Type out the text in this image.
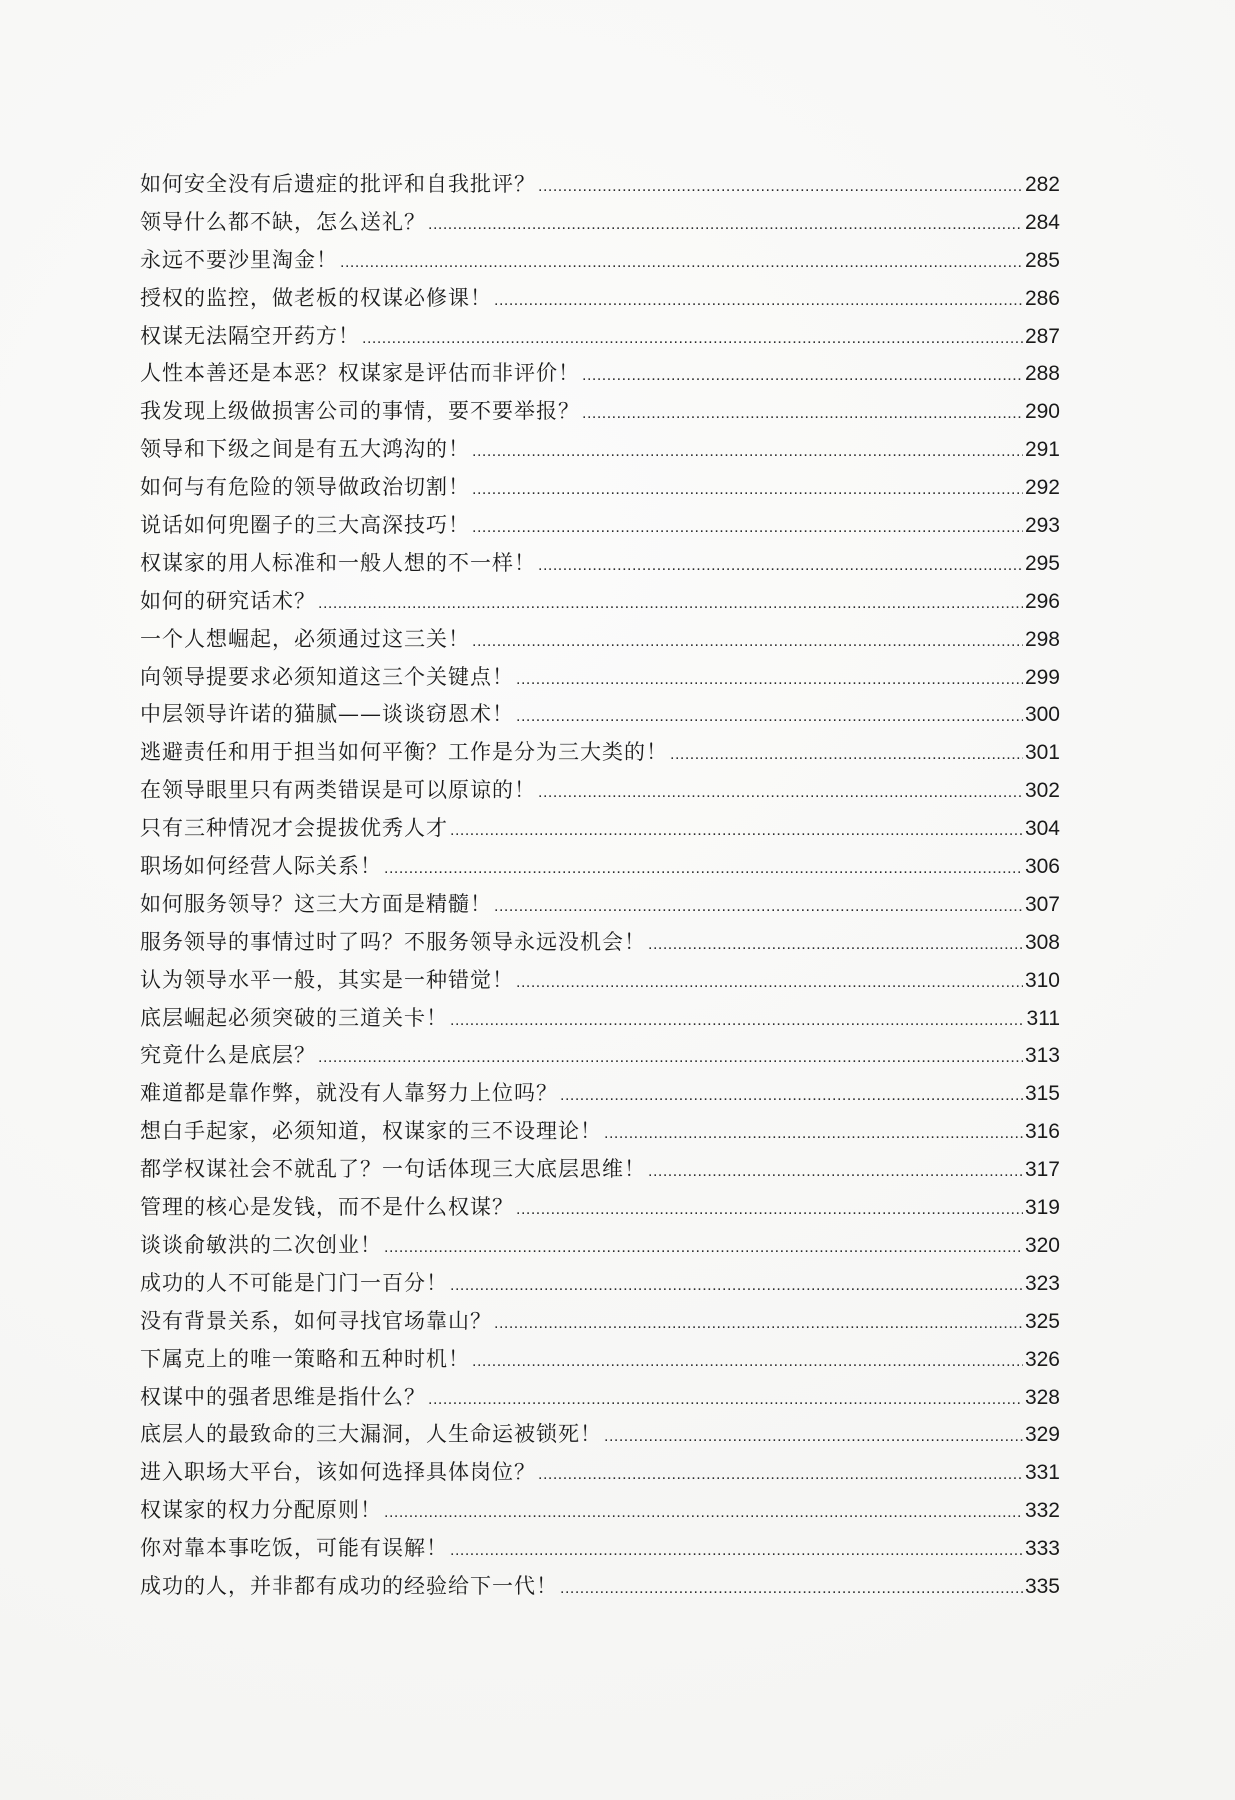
如何安全没有后遗症的批评和自我批评？ .....	282
领导什么都不缺，怎么送礼？ .....	284
永远不要沙里淘金！ .....	285
授权的监控，做老板的权谋必修课！ .....	286
权谋无法隔空开药方！ .....	287
人性本善还是本恶？权谋家是评估而非评价！ .....	288
我发现上级做损害公司的事情，要不要举报？ .....	290
领导和下级之间是有五大鸿沟的！ .....	291
如何与有危险的领导做政治切割！ .....	292
说话如何兜圈子的三大高深技巧！ .....	293
权谋家的用人标准和一般人想的不一样！ .....	295
如何的研究话术？ .....	296
一个人想崛起，必须通过这三关！ .....	298
向领导提要求必须知道这三个关键点！ .....	299
中层领导许诺的猫腻——谈谈窃恩术！ .....	300
逃避责任和用于担当如何平衡？工作是分为三大类的！ .....	301
在领导眼里只有两类错误是可以原谅的！ .....	302
只有三种情况才会提拔优秀人才 .....	304
职场如何经营人际关系！ .....	306
如何服务领导？这三大方面是精髓！ .....	307
服务领导的事情过时了吗？不服务领导永远没机会！ .....	308
认为领导水平一般，其实是一种错觉！ .....	310
底层崛起必须突破的三道关卡！ .....	311
究竟什么是底层？ .....	313
难道都是靠作弊，就没有人靠努力上位吗？ .....	315
想白手起家，必须知道，权谋家的三不设理论！ .....	316
都学权谋社会不就乱了？一句话体现三大底层思维！ .....	317
管理的核心是发钱，而不是什么权谋？ .....	319
谈谈俞敏洪的二次创业！ .....	320
成功的人不可能是门门一百分！ .....	323
没有背景关系，如何寻找官场靠山？ .....	325
下属克上的唯一策略和五种时机！ .....	326
权谋中的强者思维是指什么？ .....	328
底层人的最致命的三大漏洞，人生命运被锁死！ .....	329
进入职场大平台，该如何选择具体岗位？ .....	331
权谋家的权力分配原则！ .....	332
你对靠本事吃饭，可能有误解！ .....	333
成功的人，并非都有成功的经验给下一代！ .....	335
